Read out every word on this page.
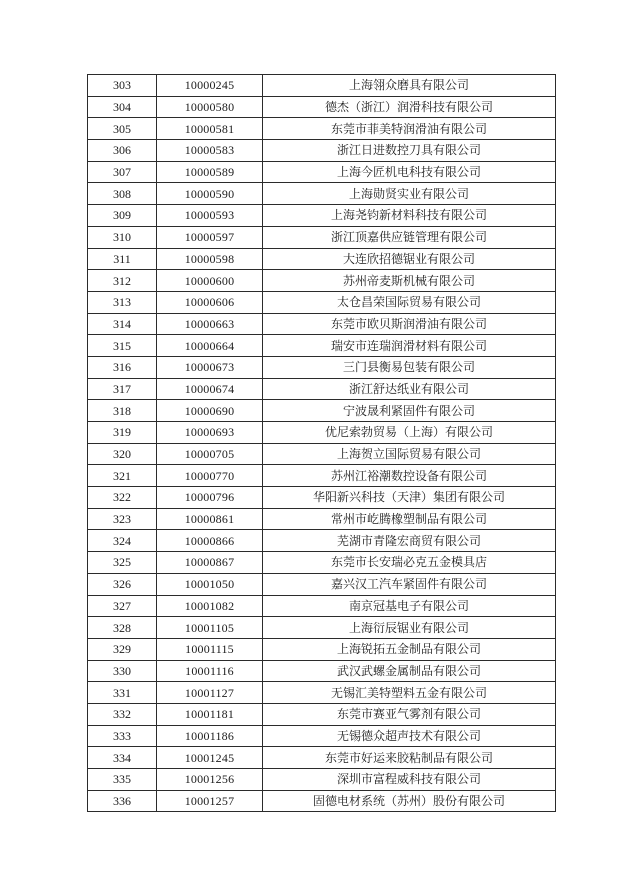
303	10000245	上海翎众磨具有限公司
304	10000580	德杰（浙江）润滑科技有限公司
305	10000581	东莞市菲美特润滑油有限公司
306	10000583	浙江日进数控刀具有限公司
307	10000589	上海今匠机电科技有限公司
308	10000590	上海勋贤实业有限公司
309	10000593	上海尧钧新材料科技有限公司
310	10000597	浙江顶嘉供应链管理有限公司
311	10000598	大连欣招德锯业有限公司
312	10000600	苏州帝麦斯机械有限公司
313	10000606	太仓昌荣国际贸易有限公司
314	10000663	东莞市欧贝斯润滑油有限公司
315	10000664	瑞安市连瑞润滑材料有限公司
316	10000673	三门县衡易包装有限公司
317	10000674	浙江舒达纸业有限公司
318	10000690	宁波晟利紧固件有限公司
319	10000693	优尼索勃贸易（上海）有限公司
320	10000705	上海贺立国际贸易有限公司
321	10000770	苏州江裕潮数控设备有限公司
322	10000796	华阳新兴科技（天津）集团有限公司
323	10000861	常州市屹腾橡塑制品有限公司
324	10000866	芜湖市青隆宏商贸有限公司
325	10000867	东莞市长安瑞必克五金模具店
326	10001050	嘉兴汉工汽车紧固件有限公司
327	10001082	南京冠基电子有限公司
328	10001105	上海衍辰锯业有限公司
329	10001115	上海锐拓五金制品有限公司
330	10001116	武汉武螺金属制品有限公司
331	10001127	无锡汇美特塑料五金有限公司
332	10001181	东莞市赛亚气雾剂有限公司
333	10001186	无锡德众超声技术有限公司
334	10001245	东莞市好运来胶粘制品有限公司
335	10001256	深圳市富程威科技有限公司
336	10001257	固德电材系统（苏州）股份有限公司
